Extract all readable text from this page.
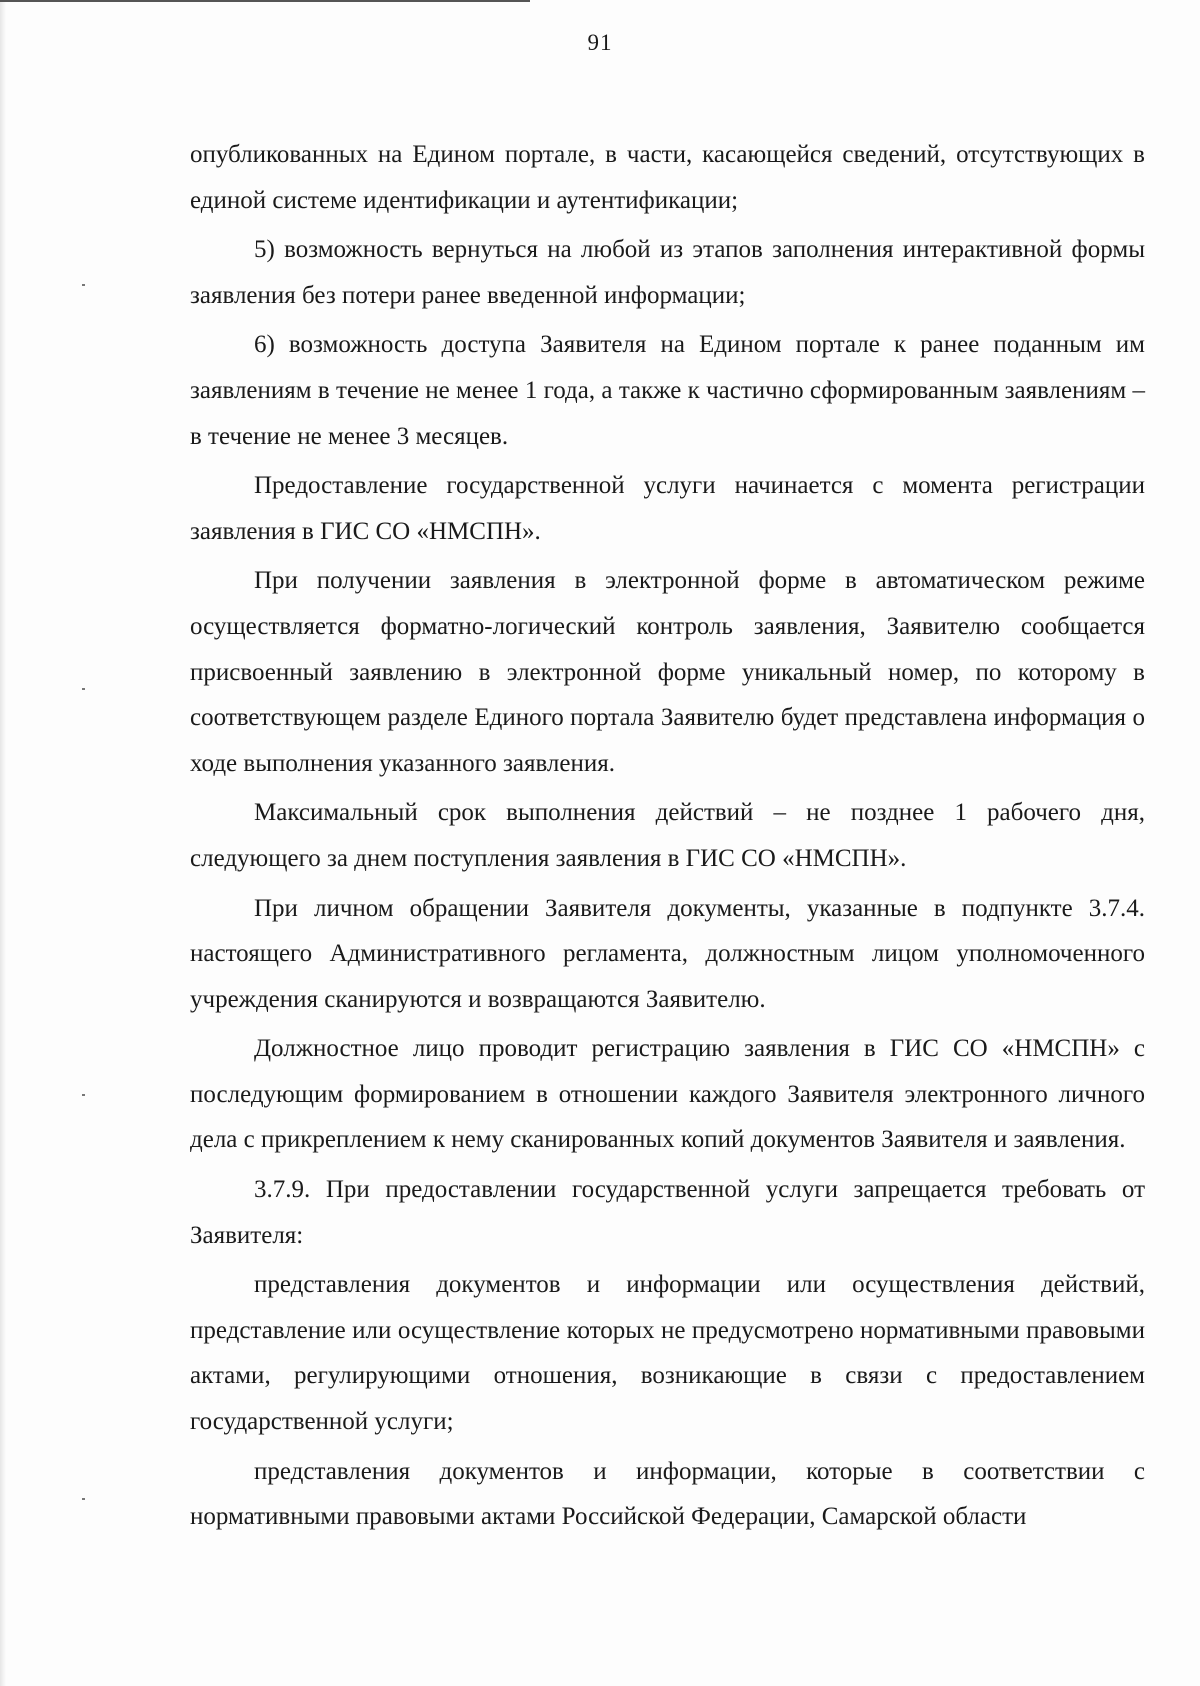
91

опубликованных на Едином портале, в части, касающейся сведений, отсутствующих в единой системе идентификации и аутентификации;

5) возможность вернуться на любой из этапов заполнения интерактивной формы заявления без потери ранее введенной информации;

6) возможность доступа Заявителя на Едином портале к ранее поданным им заявлениям в течение не менее 1 года, а также к частично сформированным заявлениям – в течение не менее 3 месяцев.

Предоставление государственной услуги начинается с момента регистрации заявления в ГИС СО «НМСПН».

При получении заявления в электронной форме в автоматическом режиме осуществляется форматно-логический контроль заявления, Заявителю сообщается присвоенный заявлению в электронной форме уникальный номер, по которому в соответствующем разделе Единого портала Заявителю будет представлена информация о ходе выполнения указанного заявления.

Максимальный срок выполнения действий – не позднее 1 рабочего дня, следующего за днем поступления заявления в ГИС СО «НМСПН».

При личном обращении Заявителя документы, указанные в подпункте 3.7.4. настоящего Административного регламента, должностным лицом уполномоченного учреждения сканируются и возвращаются Заявителю.

Должностное лицо проводит регистрацию заявления в ГИС СО «НМСПН» с последующим формированием в отношении каждого Заявителя электронного личного дела с прикреплением к нему сканированных копий документов Заявителя и заявления.

3.7.9. При предоставлении государственной услуги запрещается требовать от Заявителя:

представления документов и информации или осуществления действий, представление или осуществление которых не предусмотрено нормативными правовыми актами, регулирующими отношения, возникающие в связи с предоставлением государственной услуги;

представления документов и информации, которые в соответствии с нормативными правовыми актами Российской Федерации, Самарской области
